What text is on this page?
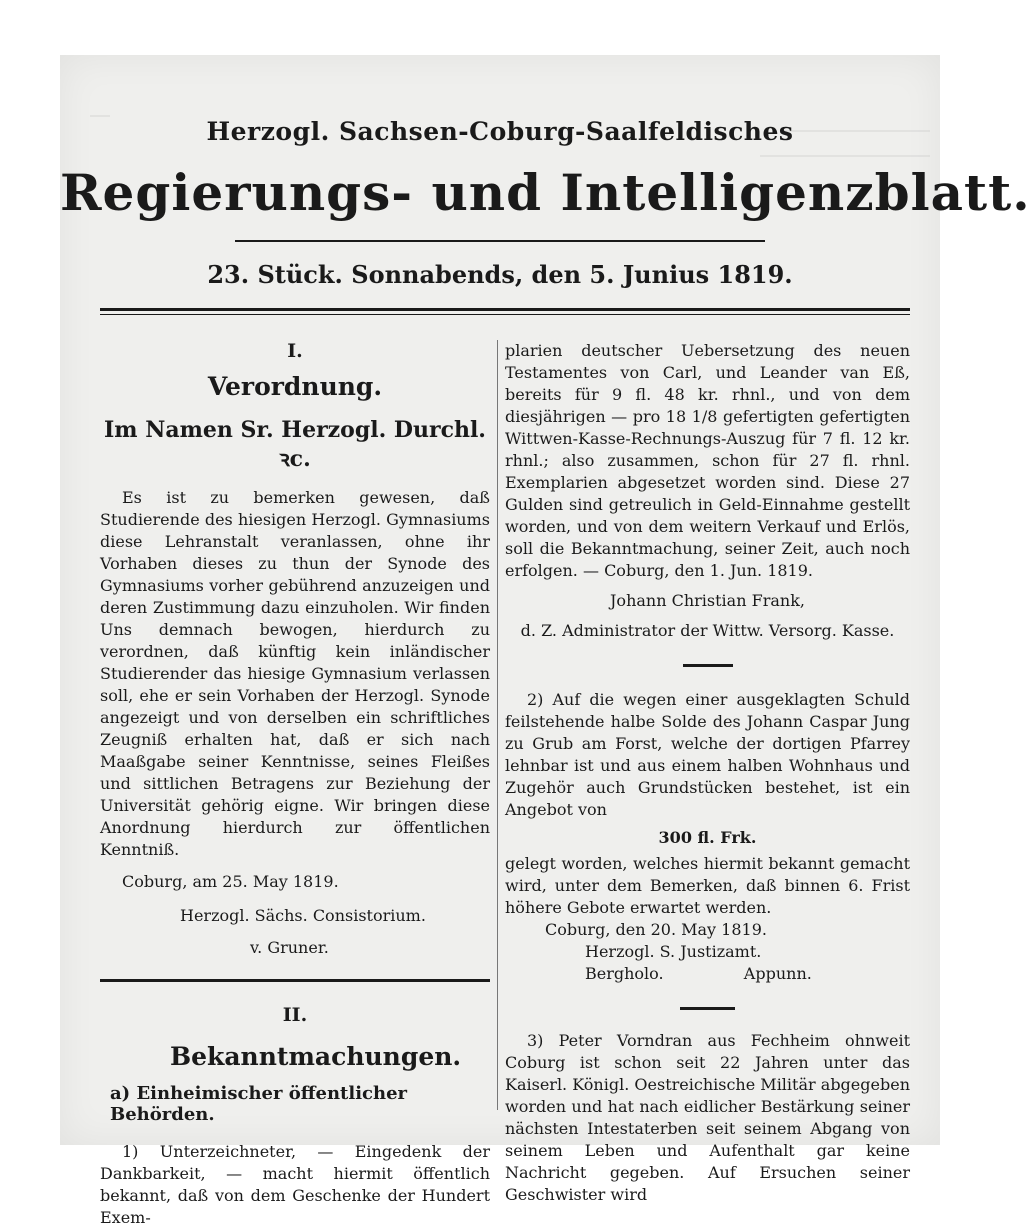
Herzogl. Sachsen-Coburg-Saalfeldisches
Regierungs- und Intelligenzblatt.
23. Stück. Sonnabends, den 5. Junius 1819.

I.

Verordnung.

Im Namen Sr. Herzogl. Durchl. ꝛc.

Es ist zu bemerken gewesen, daß Studierende des hiesigen Herzogl. Gymnasiums diese Lehranstalt veranlassen, ohne ihr Vorhaben dieses zu thun der Synode des Gymnasiums vorher gebührend anzuzeigen und deren Zustimmung dazu einzuholen. Wir finden Uns demnach bewogen, hierdurch zu verordnen, daß künftig kein inländischer Studierender das hiesige Gymnasium verlassen soll, ehe er sein Vorhaben der Herzogl. Synode angezeigt und von derselben ein schriftliches Zeugniß erhalten hat, daß er sich nach Maaßgabe seiner Kenntnisse, seines Fleißes und sittlichen Betragens zur Beziehung der Universität gehörig eigne. Wir bringen diese Anordnung hierdurch zur öffentlichen Kenntniß.

Coburg, am 25. May 1819.

Herzogl. Sächs. Consistorium.

v. Gruner.

II.

Bekanntmachungen.

a) Einheimischer öffentlicher Behörden.

1) Unterzeichneter, — Eingedenk der Dankbarkeit, — macht hiermit öffentlich bekannt, daß von dem Geschenke der Hundert Exem-

plarien deutscher Uebersetzung des neuen Testamentes von Carl, und Leander van Eß, bereits für 9 fl. 48 kr. rhnl., und von dem diesjährigen — pro 18 1/8 gefertigten gefertigten Wittwen-Kasse-Rechnungs-Auszug für 7 fl. 12 kr. rhnl.; also zusammen, schon für 27 fl. rhnl. Exemplarien abgesetzet worden sind. Diese 27 Gulden sind getreulich in Geld-Einnahme gestellt worden, und von dem weitern Verkauf und Erlös, soll die Bekanntmachung, seiner Zeit, auch noch erfolgen. — Coburg, den 1. Jun. 1819.

Johann Christian Frank,

d. Z. Administrator der Wittw. Versorg. Kasse.

2) Auf die wegen einer ausgeklagten Schuld feilstehende halbe Solde des Johann Caspar Jung zu Grub am Forst, welche der dortigen Pfarrey lehnbar ist und aus einem halben Wohnhaus und Zugehör auch Grundstücken bestehet, ist ein Angebot von

300 fl. Frk.

gelegt worden, welches hiermit bekannt gemacht wird, unter dem Bemerken, daß binnen 6. Frist höhere Gebote erwartet werden.

Coburg, den 20. May 1819.

Herzogl. S. Justizamt.

Bergholo.	Appunn.

3) Peter Vorndran aus Fechheim ohnweit Coburg ist schon seit 22 Jahren unter das Kaiserl. Königl. Oestreichische Militär abgegeben worden und hat nach eidlicher Bestärkung seiner nächsten Intestaterben seit seinem Abgang von seinem Leben und Aufenthalt gar keine Nachricht gegeben. Auf Ersuchen seiner Geschwister wird
